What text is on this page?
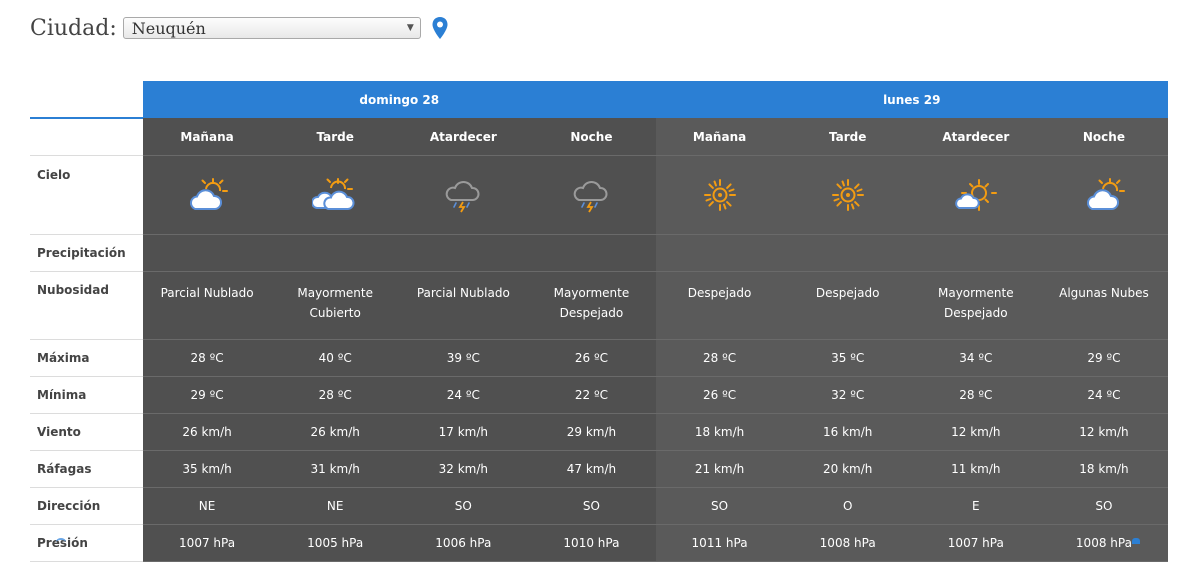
Ciudad: Neuquén	▼
	domingo 28				lunes 29			
	Mañana	Tarde	Atardecer	Noche	Mañana	Tarde	Atardecer	Noche
Cielo	

Precipitación								
Nubosidad	Parcial Nublado	Mayormente Cubierto	Parcial Nublado	Mayormente Despejado	Despejado	Despejado	Mayormente Despejado	Algunas Nubes
Máxima	28 ºC	40 ºC	39 ºC	26 ºC	28 ºC	35 ºC	34 ºC	29 ºC
Mínima	29 ºC	28 ºC	24 ºC	22 ºC	26 ºC	32 ºC	28 ºC	24 ºC
Viento	26 km/h	26 km/h	17 km/h	29 km/h	18 km/h	16 km/h	12 km/h	12 km/h
Ráfagas	35 km/h	31 km/h	32 km/h	47 km/h	21 km/h	20 km/h	11 km/h	18 km/h
Dirección	NE	NE	SO	SO	SO	O	E	SO
Presión	1007 hPa	1005 hPa	1006 hPa	1010 hPa	1011 hPa	1008 hPa	1007 hPa	1008 hPa
